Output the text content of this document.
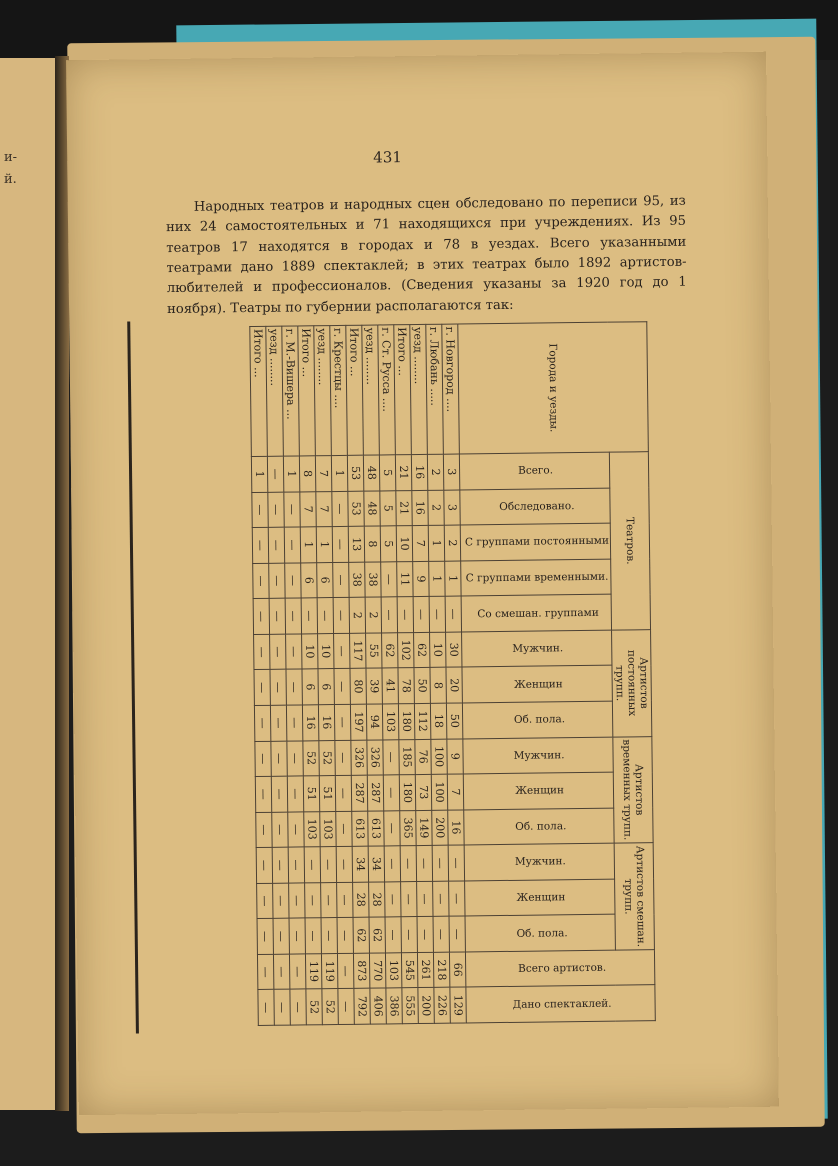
и-
й.
431

Народных театров и народных сцен обследовано по переписи 95, из них 24 самостоятельных и 71 находящихся при учреждениях. Из 95 театров 17 находятся в городах и 78 в уездах. Всего указанными театрами дано 1889 спектаклей; в этих театрах было 1892 артистов-любителей и профессионалов. (Сведения указаны за 1920 год до 1 ноября). Театры по губернии располагаются так:

Города и уезды.	Театров.					Артистов постоянных трупп.			Артистов временных трупп.			Артистов смешан. трупп.			Всего артистов.	Дано спектаклей.
	Всего.	Обследовано.	С группами постоянными	С группами временными.	Со смешан. группами	Мужчин.	Женщин	Об. пола.	Мужчин.	Женщин	Об. пола.	Мужчин.	Женщин	Об. пола.		
г. Новгород ....	3	3	2	1	—	30	20	50	9	7	16	—	—	—	66	129
г. Любань .....	2	2	1	1	—	10	8	18	100	100	200	—	—	—	218	226
уезд ........	16	16	7	9	—	62	50	112	76	73	149	—	—	—	261	200
Итого ...	21	21	10	11	—	102	78	180	185	180	365	—	—	—	545	555
г. Ст. Русса ....	5	5	5	—	—	62	41	103	—	—	—	—	—	—	103	386
уезд ........	48	48	8	38	2	55	39	94	326	287	613	34	28	62	770	406
Итого ...	53	53	13	38	2	117	80	197	326	287	613	34	28	62	873	792
г. Крестцы ....	1	—	—	—	—	—	—	—	—	—	—	—	—	—	—	—
уезд ........	7	7	1	6	—	10	6	16	52	51	103	—	—	—	119	52
Итого ...	8	7	1	6	—	10	6	16	52	51	103	—	—	—	119	52
г. М.-Вишера ...	1	—	—	—	—	—	—	—	—	—	—	—	—	—	—	—
уезд ........	—	—	—	—	—	—	—	—	—	—	—	—	—	—	—	—
Итого ...	1	—	—	—	—	—	—	—	—	—	—	—	—	—	—	—
